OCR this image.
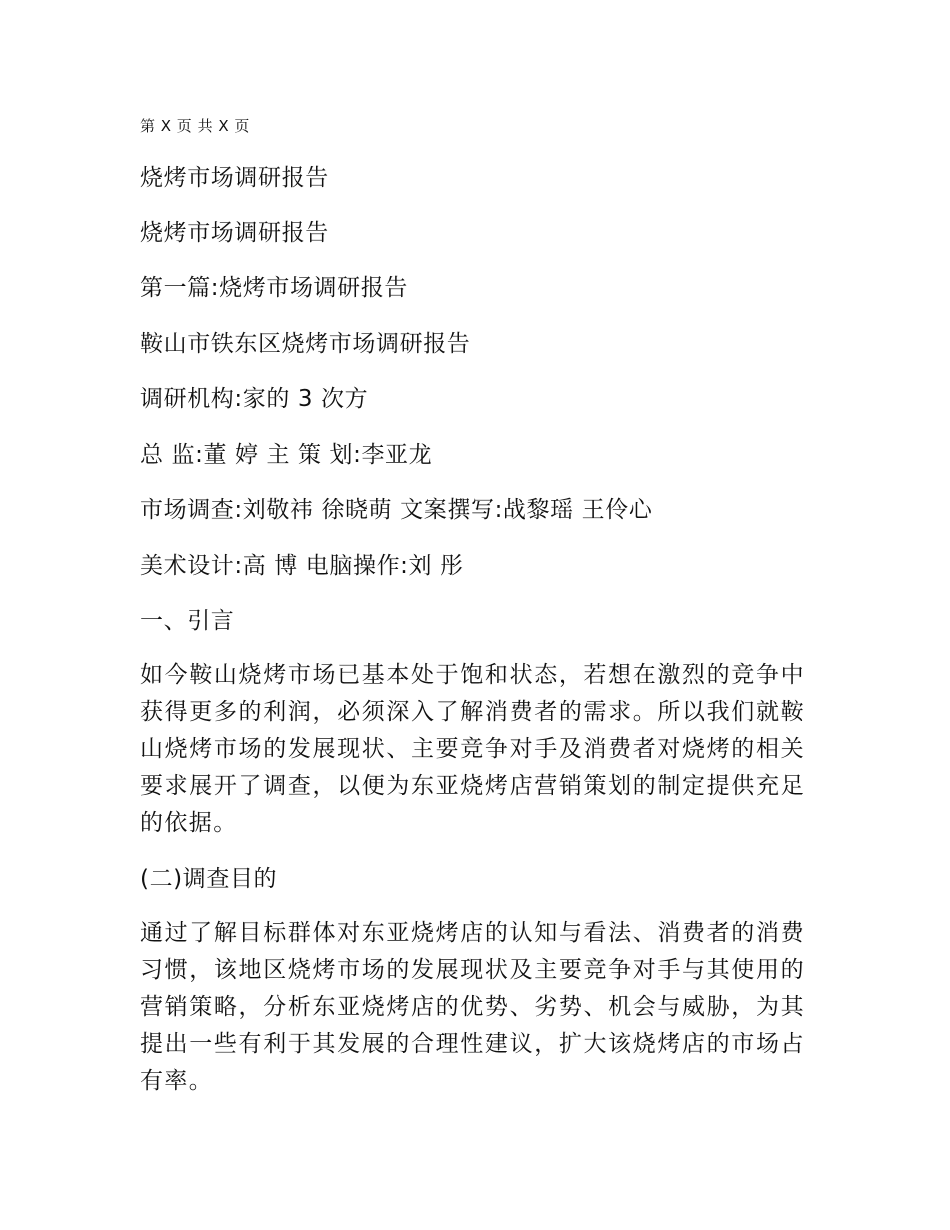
第 X 页 共 X 页
烧烤市场调研报告
烧烤市场调研报告
第一篇:烧烤市场调研报告
鞍山市铁东区烧烤市场调研报告
调研机构:家的 3 次方
总 监:董 婷 主 策 划:李亚龙
市场调查:刘敬祎 徐晓萌 文案撰写:战黎瑶 王伶心
美术设计:高 博 电脑操作:刘 彤
一、引言

如今鞍山烧烤市场已基本处于饱和状态，若想在激烈的竞争中获得更多的利润，必须深入了解消费者的需求。所以我们就鞍山烧烤市场的发展现状、主要竞争对手及消费者对烧烤的相关要求展开了调查，以便为东亚烧烤店营销策划的制定提供充足的依据。

(二)调查目的

通过了解目标群体对东亚烧烤店的认知与看法、消费者的消费习惯，该地区烧烤市场的发展现状及主要竞争对手与其使用的营销策略，分析东亚烧烤店的优势、劣势、机会与威胁，为其提出一些有利于其发展的合理性建议，扩大该烧烤店的市场占有率。
